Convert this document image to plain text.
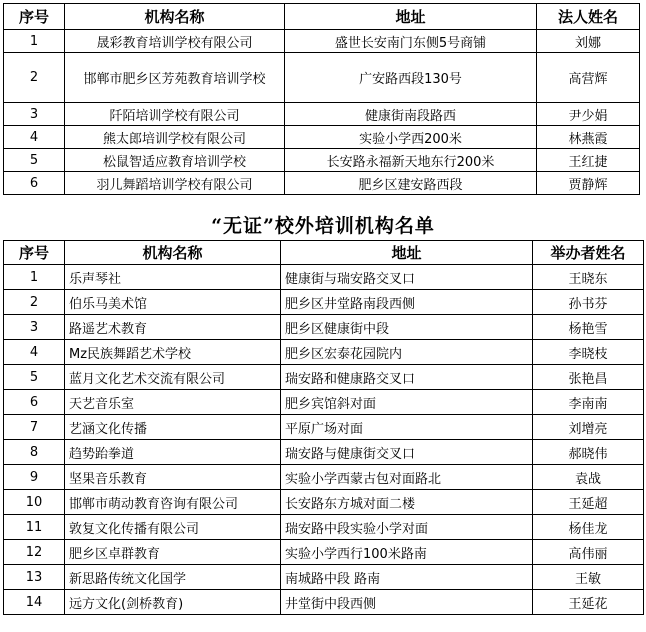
序号	机构名称	地址	法人姓名
1	晟彩教育培训学校有限公司	盛世长安南门东侧5号商铺	刘娜
2	邯郸市肥乡区芳苑教育培训学校	广安路西段130号	高营辉
3	阡陌培训学校有限公司	健康街南段路西	尹少娟
4	熊太郎培训学校有限公司	实验小学西200米	林燕霞
5	松鼠智适应教育培训学校	长安路永福新天地东行200米	王红捷
6	羽儿舞蹈培训学校有限公司	肥乡区建安路西段	贾静辉
“无证”校外培训机构名单
序号	机构名称	地址	举办者姓名
1	乐声琴社	健康街与瑞安路交叉口	王晓东
2	伯乐马美术馆	肥乡区井堂路南段西侧	孙书芬
3	路遥艺术教育	肥乡区健康街中段	杨艳雪
4	Mz民族舞蹈艺术学校	肥乡区宏泰花园院内	李晓枝
5	蓝月文化艺术交流有限公司	瑞安路和健康路交叉口	张艳昌
6	天艺音乐室	肥乡宾馆斜对面	李南南
7	艺涵文化传播	平原广场对面	刘增亮
8	趋势跆拳道	瑞安路与健康街交叉口	郝晓伟
9	坚果音乐教育	实验小学西蒙古包对面路北	袁战
10	邯郸市萌动教育咨询有限公司	长安路东方城对面二楼	王延超
11	敦复文化传播有限公司	瑞安路中段实验小学对面	杨佳龙
12	肥乡区卓群教育	实验小学西行100米路南	高伟丽
13	新思路传统文化国学	南城路中段 路南	王敏
14	远方文化(剑桥教育)	井堂街中段西侧	王延花
